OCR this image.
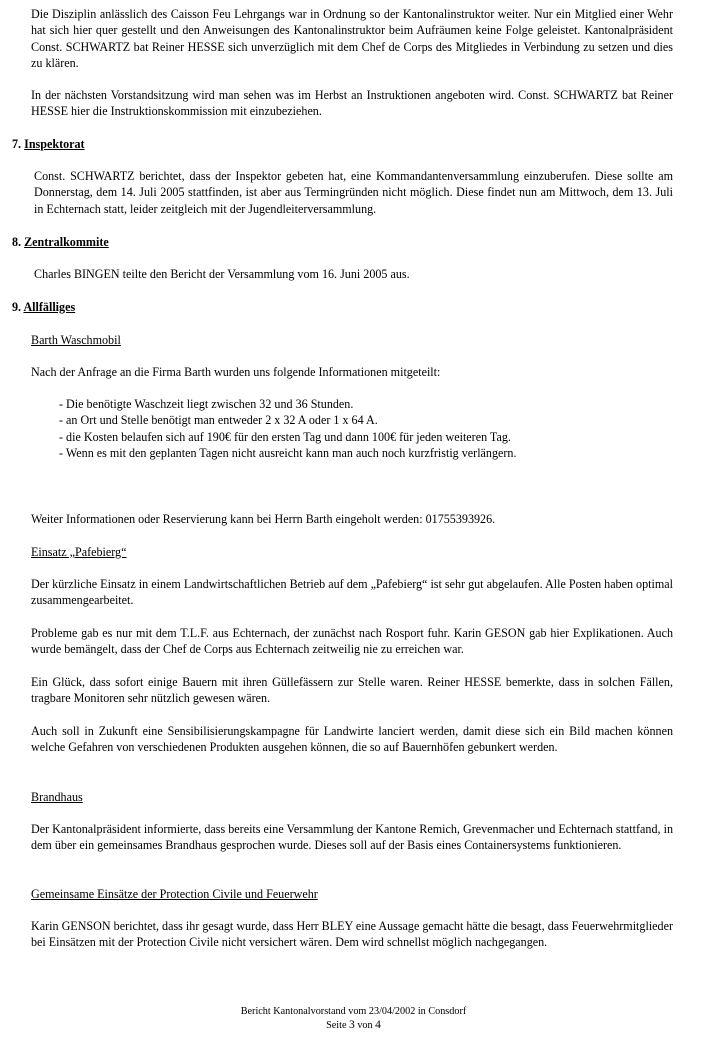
Die Disziplin anlässlich des Caisson Feu Lehrgangs war in Ordnung so der Kantonalinstruktor weiter. Nur ein Mitglied einer Wehr hat sich hier quer gestellt und den Anweisungen des Kantonalinstruktor beim Aufräumen keine Folge geleistet. Kantonalpräsident Const. SCHWARTZ bat Reiner HESSE sich unverzüglich mit dem Chef de Corps des Mitgliedes in Verbindung zu setzen und dies zu klären.

In der nächsten Vorstandsitzung wird man sehen was im Herbst an Instruktionen angeboten wird. Const. SCHWARTZ bat Reiner HESSE hier die Instruktionskommission mit einzubeziehen.

7. Inspektorat

Const. SCHWARTZ berichtet, dass der Inspektor gebeten hat, eine Kommandantenversammlung einzuberufen. Diese sollte am Donnerstag, dem 14. Juli 2005 stattfinden, ist aber aus Termingründen nicht möglich. Diese findet nun am Mittwoch, dem 13. Juli in Echternach statt, leider zeitgleich mit der Jugendleiterversammlung.

8. Zentralkommite

Charles BINGEN teilte den Bericht der Versammlung vom 16. Juni 2005 aus.

9. Allfälliges
Barth Waschmobil

Nach der Anfrage an die Firma Barth wurden uns folgende Informationen mitgeteilt:

- Die benötigte Waschzeit liegt zwischen 32 und 36 Stunden.
- an Ort und Stelle benötigt man entweder 2 x 32 A oder 1 x 64 A.
- die Kosten belaufen sich auf 190€ für den ersten Tag und dann 100€ für jeden weiteren Tag.
- Wenn es mit den geplanten Tagen nicht ausreicht kann man auch noch kurzfristig verlängern.

Weiter Informationen oder Reservierung kann bei Herrn Barth eingeholt werden: 01755393926.

Einsatz „Pafebierg“

Der kürzliche Einsatz in einem Landwirtschaftlichen Betrieb auf dem „Pafebierg“ ist sehr gut abgelaufen. Alle Posten haben optimal zusammengearbeitet.

Probleme gab es nur mit dem T.L.F. aus Echternach, der zunächst nach Rosport fuhr. Karin GESON gab hier Explikationen. Auch wurde bemängelt, dass der Chef de Corps aus Echternach zeitweilig nie zu erreichen war.

Ein Glück, dass sofort einige Bauern mit ihren Güllefässern zur Stelle waren. Reiner HESSE bemerkte, dass in solchen Fällen, tragbare Monitoren sehr nützlich gewesen wären.

Auch soll in Zukunft eine Sensibilisierungskampagne für Landwirte lanciert werden, damit diese sich ein Bild machen können welche Gefahren von verschiedenen Produkten ausgehen können, die so auf Bauernhöfen gebunkert werden.

Brandhaus

Der Kantonalpräsident informierte, dass bereits eine Versammlung der Kantone Remich, Grevenmacher und Echternach stattfand, in dem über ein gemeinsames Brandhaus gesprochen wurde. Dieses soll auf der Basis eines Containersystems funktionieren.

Gemeinsame Einsätze der Protection Civile und Feuerwehr

Karin GENSON berichtet, dass ihr gesagt wurde, dass Herr BLEY eine Aussage gemacht hätte die besagt, dass Feuerwehrmitglieder bei Einsätzen mit der Protection Civile nicht versichert wären. Dem wird schnellst möglich nachgegangen.

Bericht Kantonalvorstand vom 23/04/2002 in Consdorf
Seite 3 von 4
